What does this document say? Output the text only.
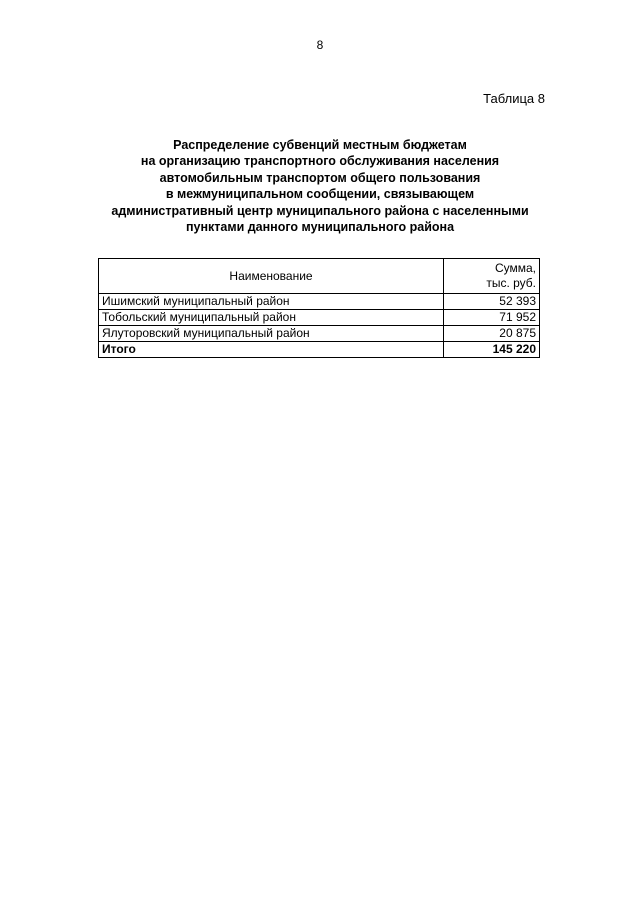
8
Таблица 8
Распределение субвенций местным бюджетам
на организацию транспортного обслуживания населения
автомобильным транспортом общего пользования
в межмуниципальном сообщении, связывающем
административный центр муниципального района с населенными
пунктами данного муниципального района
Наименование	Сумма,
тыс. руб.
Ишимский муниципальный район	52 393
Тобольский муниципальный район	71 952
Ялуторовский муниципальный район	20 875
Итого	145 220
